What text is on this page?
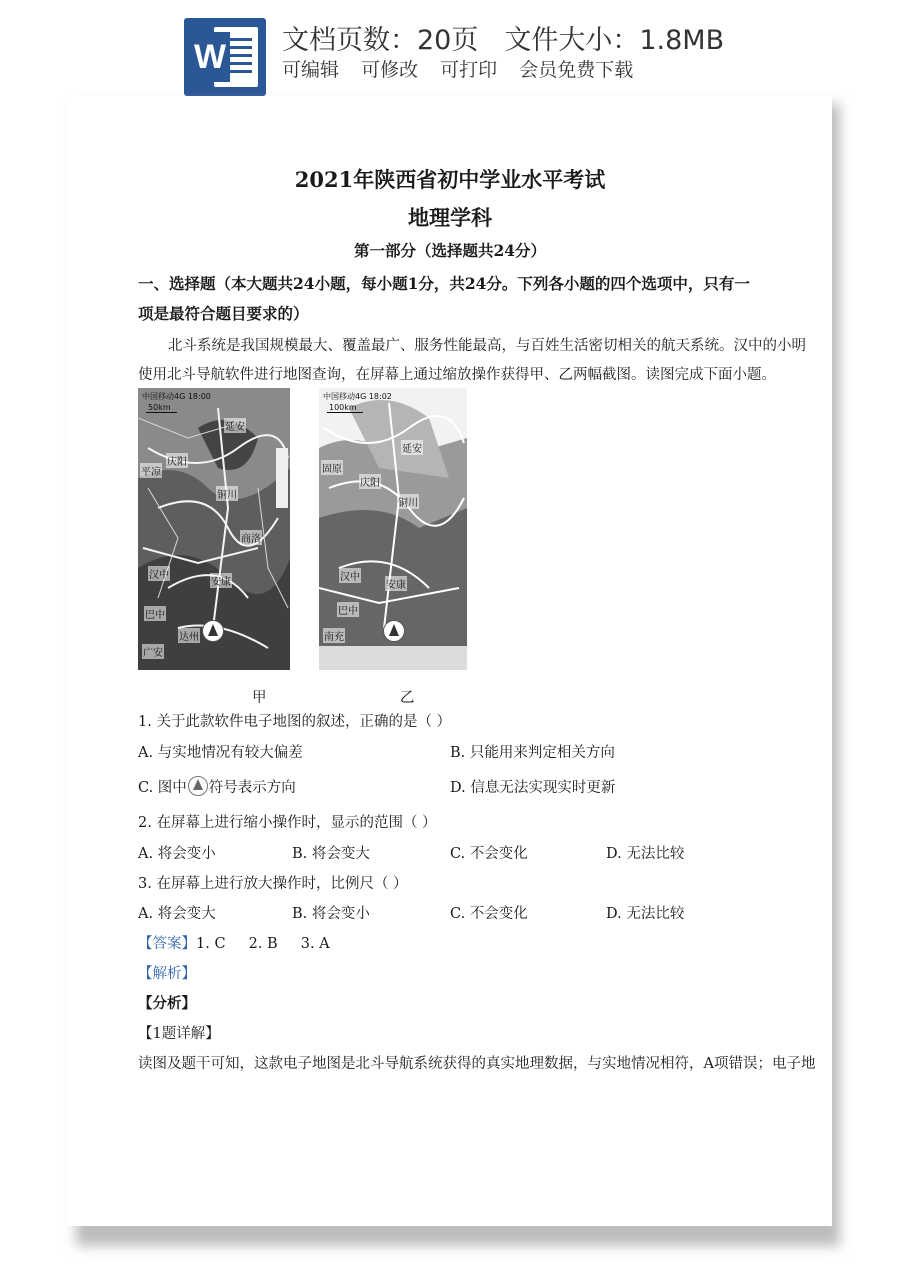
W 文档页数：20页 文件大小：1.8MB
可编辑 可修改 可打印 会员免费下载
2021年陕西省初中学业水平考试
地理学科
第一部分（选择题共24分）
一、选择题（本大题共24小题，每小题1分，共24分。下列各小题的四个选项中，只有一
项是最符合题目要求的）
北斗系统是我国规模最大、覆盖最广、服务性能最高，与百姓生活密切相关的航天系统。汉中的小明
使用北斗导航软件进行地图查询，在屏幕上通过缩放操作获得甲、乙两幅截图。读图完成下面小题。
中国移动4G 18:00
50km
延安
庆阳
平凉
铜川
商洛
汉中
安康
巴中
达州
广安
中国移动4G 18:02
100km
延安
固原
庆阳
铜川
汉中
安康
巴中
南充
甲	乙
1. 关于此款软件电子地图的叙述，正确的是（ ）
A. 与实地情况有较大偏差	B. 只能用来判定相关方向
C. 图中 符号表示方向	D. 信息无法实现实时更新
2. 在屏幕上进行缩小操作时，显示的范围（ ）
A. 将会变小	B. 将会变大	C. 不会变化	D. 无法比较
3. 在屏幕上进行放大操作时，比例尺（ ）
A. 将会变大	B. 将会变小	C. 不会变化	D. 无法比较
【答案】1. C     2. B     3. A
【解析】
【分析】
【1题详解】
读图及题干可知，这款电子地图是北斗导航系统获得的真实地理数据，与实地情况相符，A项错误；电子地
